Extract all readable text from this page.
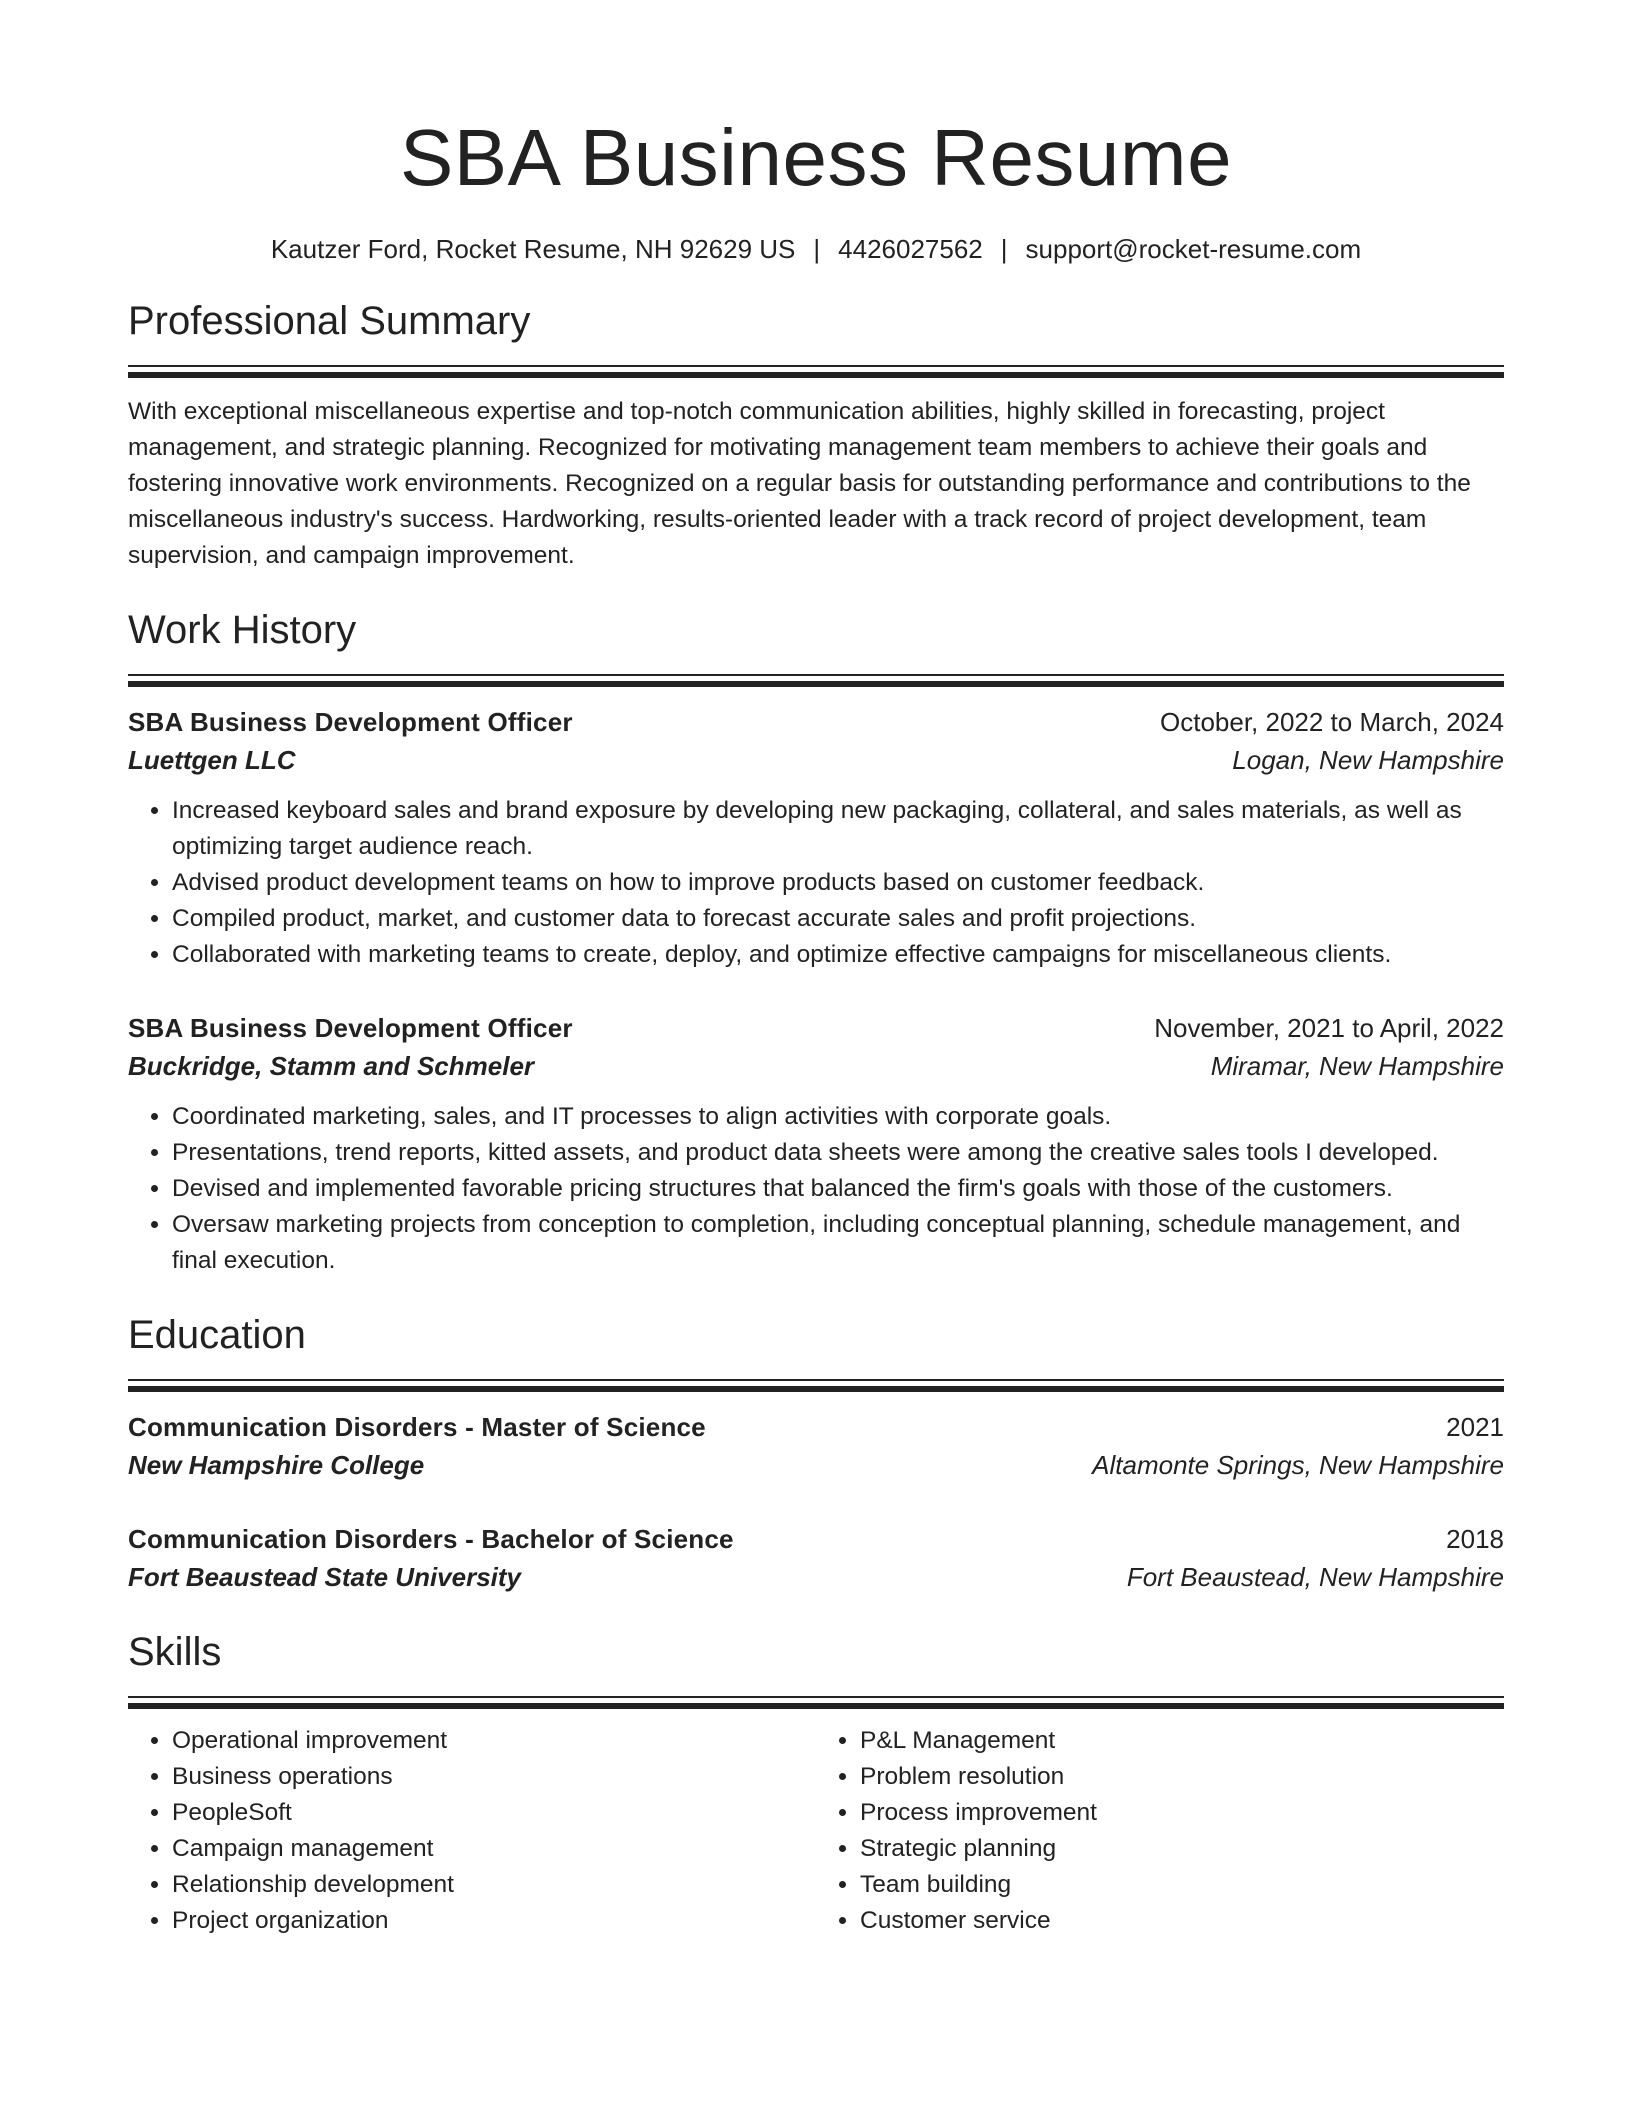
SBA Business Resume
Kautzer Ford, Rocket Resume, NH 92629 US | 4426027562 | support@rocket-resume.com
Professional Summary
With exceptional miscellaneous expertise and top-notch communication abilities, highly skilled in forecasting, project management, and strategic planning. Recognized for motivating management team members to achieve their goals and fostering innovative work environments. Recognized on a regular basis for outstanding performance and contributions to the miscellaneous industry's success. Hardworking, results-oriented leader with a track record of project development, team supervision, and campaign improvement.
Work History
SBA Business Development Officer	October, 2022 to March, 2024
Luettgen LLC	Logan, New Hampshire
• Increased keyboard sales and brand exposure by developing new packaging, collateral, and sales materials, as well as optimizing target audience reach.
• Advised product development teams on how to improve products based on customer feedback.
• Compiled product, market, and customer data to forecast accurate sales and profit projections.
• Collaborated with marketing teams to create, deploy, and optimize effective campaigns for miscellaneous clients.
SBA Business Development Officer	November, 2021 to April, 2022
Buckridge, Stamm and Schmeler	Miramar, New Hampshire
• Coordinated marketing, sales, and IT processes to align activities with corporate goals.
• Presentations, trend reports, kitted assets, and product data sheets were among the creative sales tools I developed.
• Devised and implemented favorable pricing structures that balanced the firm's goals with those of the customers.
• Oversaw marketing projects from conception to completion, including conceptual planning, schedule management, and final execution.
Education
Communication Disorders - Master of Science	2021
New Hampshire College	Altamonte Springs, New Hampshire
Communication Disorders - Bachelor of Science	2018
Fort Beaustead State University	Fort Beaustead, New Hampshire
Skills
• Operational improvement
• Business operations
• PeopleSoft
• Campaign management
• Relationship development
• Project organization
• P&L Management
• Problem resolution
• Process improvement
• Strategic planning
• Team building
• Customer service
